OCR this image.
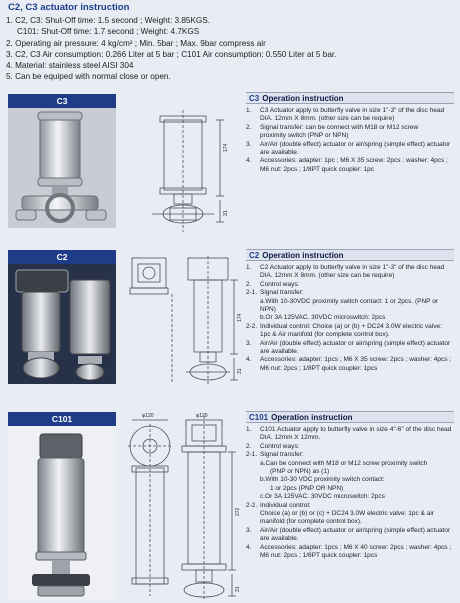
C2, C3 actuator instruction
1. C2, C3: Shut-Off time: 1.5 second ; Weight: 3.85KGS.
C101: Shut-Off time: 1.7 second ; Weight: 4.7KGS
2. Operating air pressure: 4 kg/cm² ; Min. 5bar ; Max. 9bar compress air
3. C2, C3 Air consumption: 0.266 Liter at 5 bar ; C101 Air consumption: 0.550 Liter at 5 bar.
4. Material: stainless steel AISI 304
5. Can be equiped with normal close or open.
C3
174
31
C3 Operation instruction
1.	C3 Actuator apply to butterfly valve in size 1"-3" of the disc head DIA. 12mm X 8mm. (other size can be require)
2.	Signal transfer: can be connect with M18 or M12 screw
proximity switch (PNP or NPN)
3.	Air/Air (double effect) actuator or air/spring (simple effect) actuator are available.
4.	Accessories: adapter: 1pc ; M6 X 35 screw: 2pcs ; washer: 4pcs ; M6 nut: 2pcs ; 1/8PT quick coupler: 1pc
C2
174
31
C2 Operation instruction
1.	C2 Actuator apply to butterfly valve in size 1"-3" of the disc head DIA. 12mm X 8mm. (other size can be require)
2.	Control ways:
2-1. Signal transfer:
a.With 10-30VDC proximity switch contact: 1 or 2pcs. (PNP or NPN)
b.Or 3A 125VAC. 30VDC microswitch: 2pcs
2-2. Individual control: Choice (a) or (b) + DC24 3.0W electric valve: 1pc & Air manifold (for complete control box).
3.	Air/Air (double effect) actuator or air/spring (simple effect) actuator are available.
4.	Accessories: adapter: 1pcs ; M6 X 35 screw: 2pcs ; washer: 4pcs ; M6 nut: 2pcs ; 1/8PT quick coupler: 1pcs
C101	φ120	φ120
272
31
C101 Operation instruction
1.	C101 Actuator apply to butterfly valve in size 4"-6" of the disc head DIA. 12mm X 12mm.
2.	Control ways:
2-1. Signal transfer:
a.Can be connect with M18 or M12 screw proximity switch
(PNP or NPN) as (1)
b.With 10-30 VDC proximity switch contact:
1 or 2pcs (PNP OR NPN)
c.Or 3A 125VAC. 30VDC microswitch: 2pcs
2-2. Individual control:
Choice (a) or (b) or (c) + DC24 3.0W electric valve: 1pc & air manifold (for complete control box).
3.	Air/Air (double effect) actuator or air/spring (simple effect) actuator are available.
4.	Accessories: adapter: 1pcs ; M6 X 40 screw: 2pcs ; washer: 4pcs ; M6 nut: 2pcs ; 1/8PT quick coupler: 1pcs
